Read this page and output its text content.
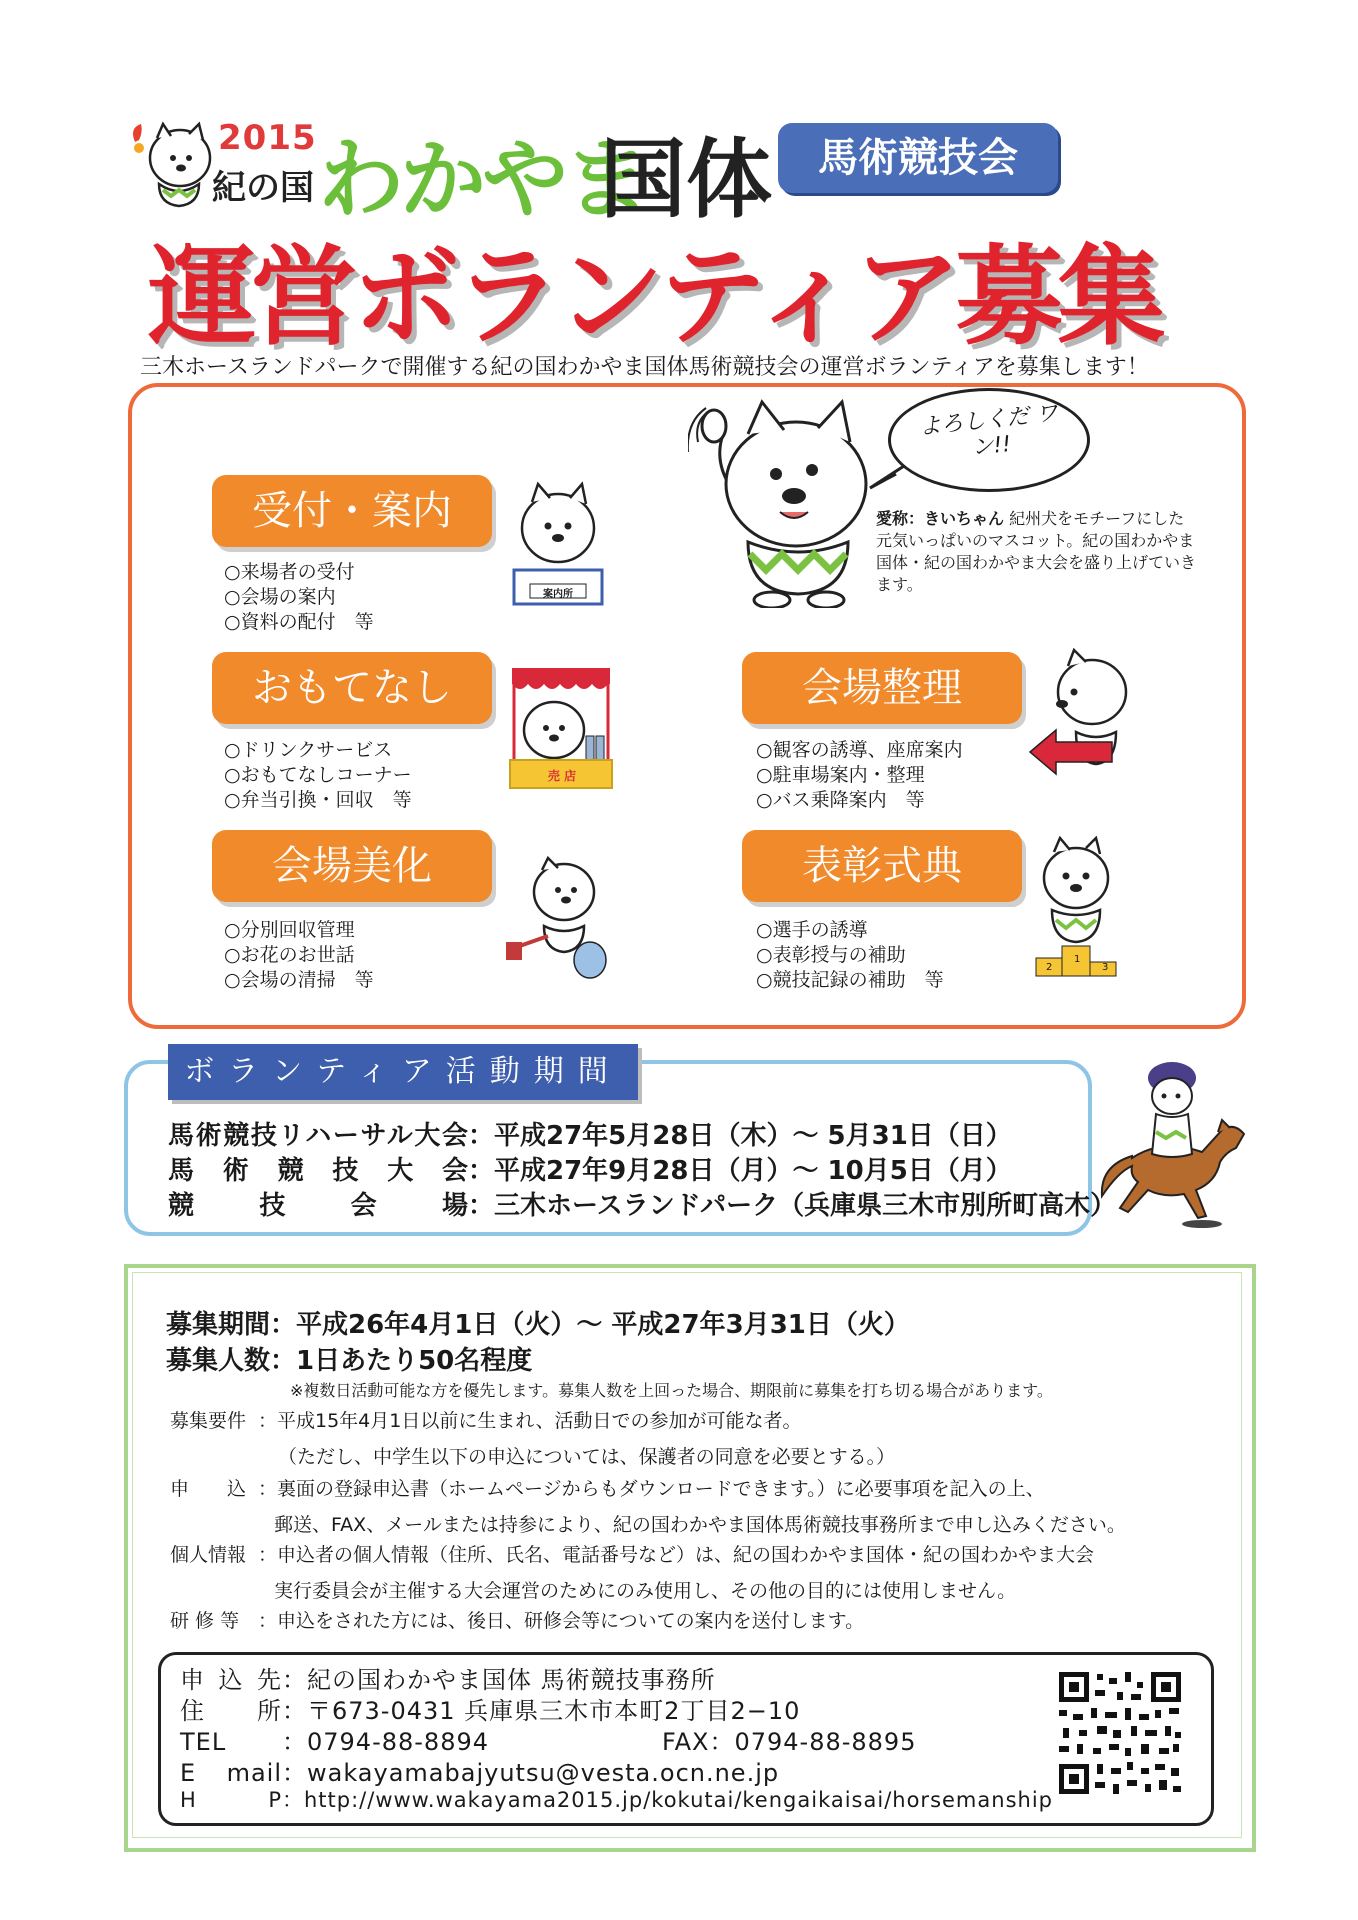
2015
紀の国 わかやま
国体	馬術競技会
運営ボランティア募集
三木ホースランドパークで開催する紀の国わかやま国体馬術競技会の運営ボランティアを募集します！
よろしくだ ワン!!
愛称：きいちゃん 紀州犬をモチーフにした元気いっぱいのマスコット。紀の国わかやま国体・紀の国わかやま大会を盛り上げていきます。
受付・案内
○来場者の受付
○会場の案内
○資料の配付　等
案内所
おもてなし
○ドリンクサービス
○おもてなしコーナー
○弁当引換・回収　等
売 店
会場美化
○分別回収管理
○お花のお世話
○会場の清掃　等
会場整理
○観客の誘導、座席案内
○駐車場案内・整理
○バス乗降案内　等
表彰式典
○選手の誘導
○表彰授与の補助
○競技記録の補助　等
2
1
3
ボランティア活動期間
馬術競技リハーサル大会：平成27年5月28日（木）～ 5月31日（日）
馬術競技大会：平成27年9月28日（月）～ 10月5日（月）
競技会場：三木ホースランドパーク（兵庫県三木市別所町高木）
募集期間：平成26年4月1日（火）～ 平成27年3月31日（火）
募集人数：1日あたり50名程度
※複数日活動可能な方を優先します。募集人数を上回った場合、期限前に募集を打ち切る場合があります。
募集要件 ：平成15年4月1日以前に生まれ、活動日での参加が可能な者。
（ただし、中学生以下の申込については、保護者の同意を必要とする。）
申　　込 ：裏面の登録申込書（ホームページからもダウンロードできます。）に必要事項を記入の上、
郵送、FAX、メールまたは持参により、紀の国わかやま国体馬術競技事務所まで申し込みください。
個人情報 ：申込者の個人情報（住所、氏名、電話番号など）は、紀の国わかやま国体・紀の国わかやま大会
実行委員会が主催する大会運営のためにのみ使用し、その他の目的には使用しません。
研 修 等 ：申込をされた方には、後日、研修会等についての案内を送付します。
申込先：紀の国わかやま国体 馬術競技事務所
住所：〒673-0431 兵庫県三木市本町2丁目2−10
TEL ：0794-88-8894	FAX：0794-88-8895
E mail：wakayamabajyutsu@vesta.ocn.ne.jp
H　P：http://www.wakayama2015.jp/kokutai/kengaikaisai/horsemanship
